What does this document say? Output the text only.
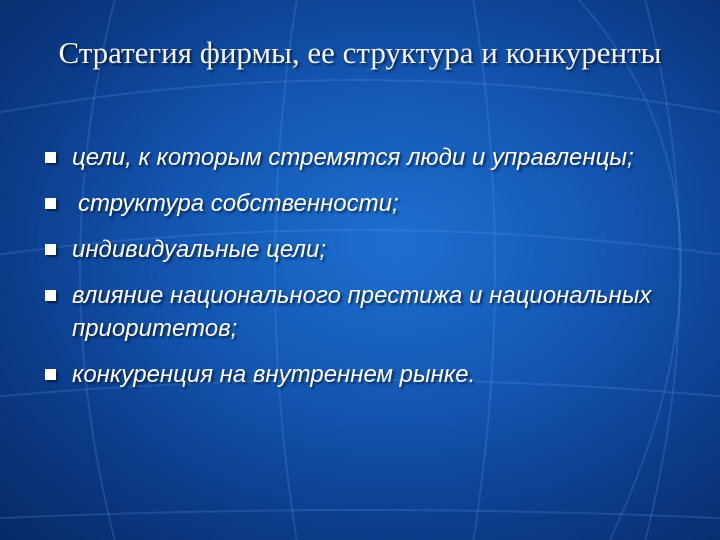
Стратегия фирмы, ее структура и конкуренты
цели, к которым стремятся люди и управленцы;
структура собственности;
индивидуальные цели;
влияние национального престижа и национальных приоритетов;
конкуренция на внутреннем рынке.
